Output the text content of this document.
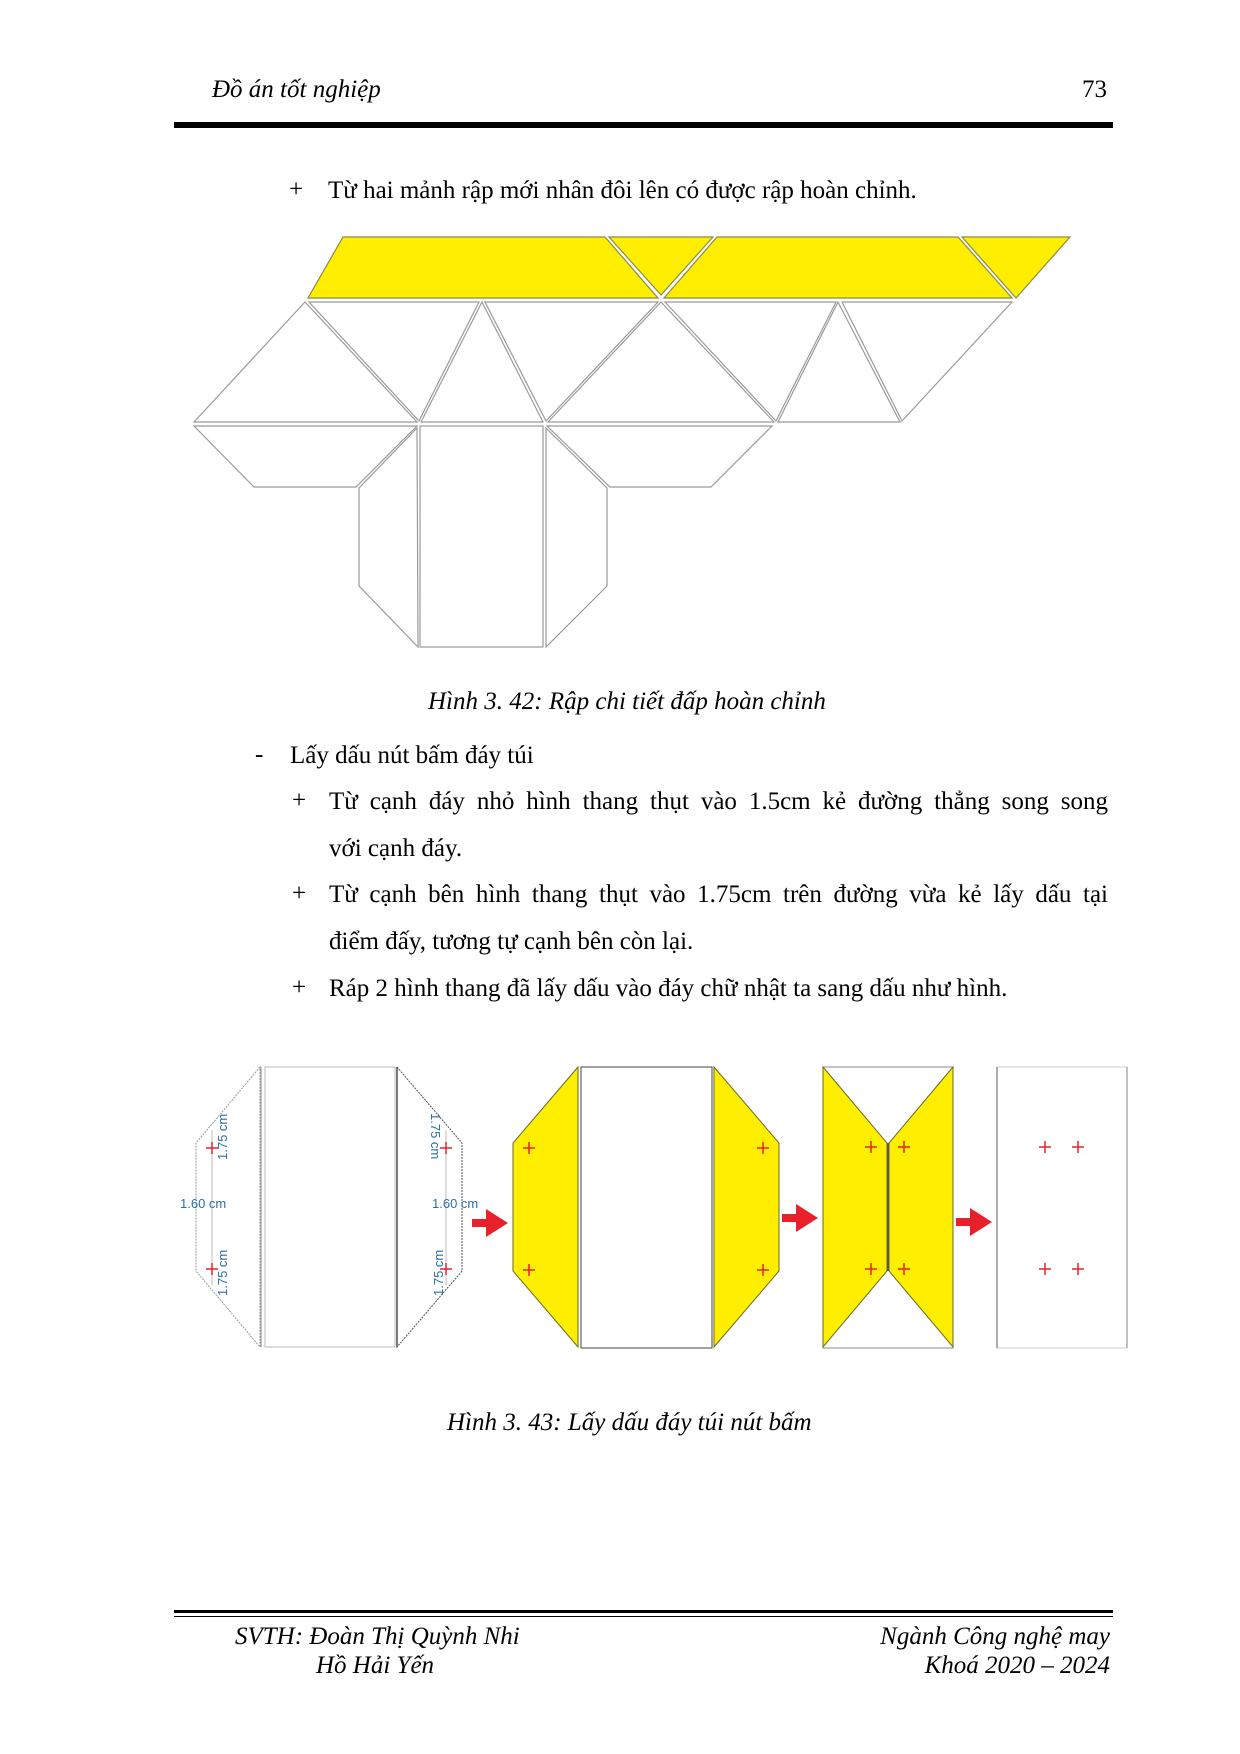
Đồ án tốt nghiệp	73
+ Từ hai mảnh rập mới nhân đôi lên có được rập hoàn chỉnh.
Hình 3. 42: Rập chi tiết đấp hoàn chỉnh
- Lấy dấu nút bấm đáy túi
+ Từ cạnh đáy nhỏ hình thang thụt vào 1.5cm kẻ đường thẳng song song
với cạnh đáy.
+ Từ cạnh bên hình thang thụt vào 1.75cm trên đường vừa kẻ lấy dấu tại
điểm đấy, tương tự cạnh bên còn lại.
+ Ráp 2 hình thang đã lấy dấu vào đáy chữ nhật ta sang dấu như hình.
1.75 cm
1.60 cm
1.75 cm
1.75 cm
1.60 cm
1.75 cm
Hình 3. 43: Lấy dấu đáy túi nút bấm
SVTH: Đoàn Thị Quỳnh Nhi
Hồ Hải Yến
Ngành Công nghệ may
Khoá 2020 – 2024
